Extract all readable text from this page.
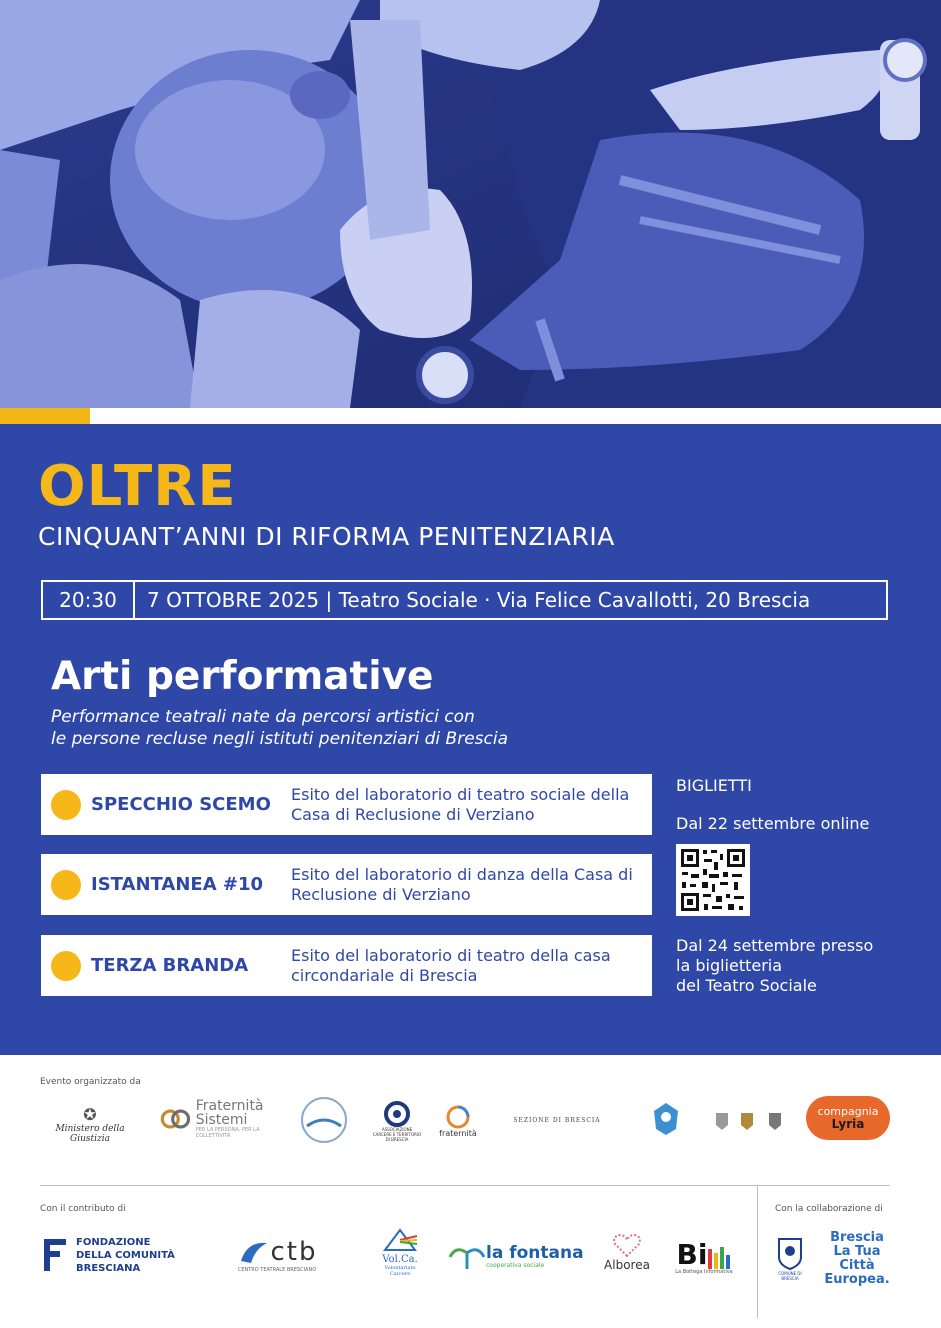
OLTRE
CINQUANT’ANNI DI RIFORMA PENITENZIARIA
20:30	7 OTTOBRE 2025 | Teatro Sociale · Via Felice Cavallotti, 20 Brescia
Arti performative
Performance teatrali nate da percorsi artistici con
le persone recluse negli istituti penitenziari di Brescia
SPECCHIO SCEMO	Esito del laboratorio di teatro sociale della Casa di Reclusione di Verziano
ISTANTANEA #10	Esito del laboratorio di danza della Casa di Reclusione di Verziano
TERZA BRANDA	Esito del laboratorio di teatro della casa circondariale di Brescia
BIGLIETTI
Dal 22 settembre online
Dal 24 settembre presso
la biglietteria
del Teatro Sociale
Evento organizzato da
✪
Ministero della Giustizia
Fraternità
Sistemi
PER LA PERSONA, PER LA COLLETTIVITÀ
ASSOCIAZIONE
CARCERE E TERRITORIO
DI BRESCIA
fraternità
SEZIONE DI BRESCIA
compagnia
Lyria
Con il contributo di
FONDAZIONE
DELLA COMUNITÀ
BRESCIANA
ctb
CENTRO TEATRALE BRESCIANO
Vol.Ca.
Volontariato
Carcere
la fontana
cooperativa sociale	Alborea Bi
La Bottega Informativa
Con la collaborazione di
COMUNE DI BRESCIA
Brescia
La Tua Città
Europea.
